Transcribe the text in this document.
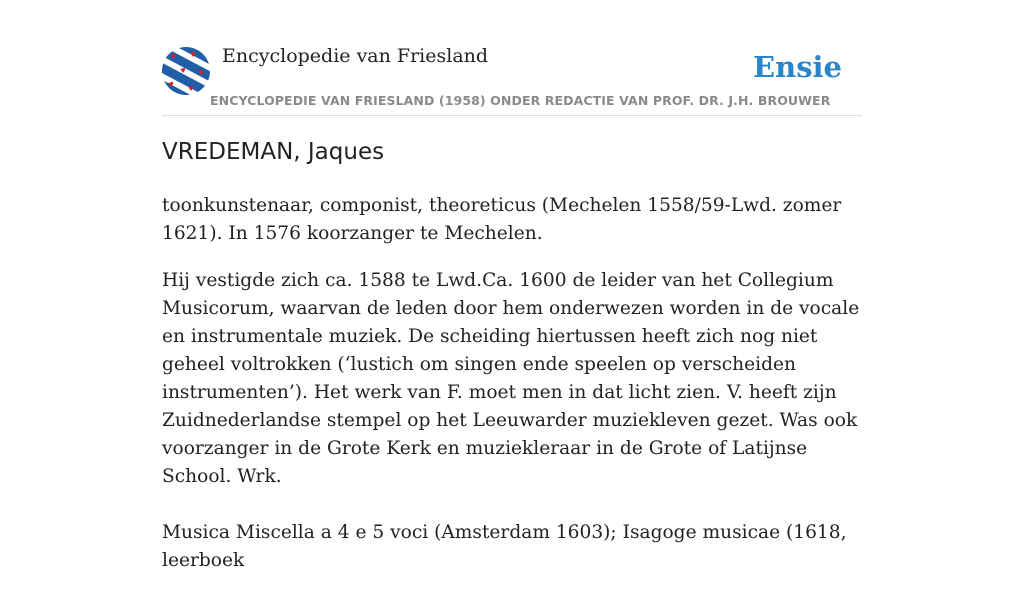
Encyclopedie van Friesland	Ensie
ENCYCLOPEDIE VAN FRIESLAND (1958) ONDER REDACTIE VAN PROF. DR. J.H. BROUWER
VREDEMAN, Jaques

toonkunstenaar, componist, theoreticus (Mechelen 1558/59-Lwd. zomer 1621). In 1576 koorzanger te Mechelen.

Hij vestigde zich ca. 1588 te Lwd.Ca. 1600 de leider van het Collegium Musicorum, waarvan de leden door hem onderwezen worden in de vocale en instrumentale muziek. De scheiding hiertussen heeft zich nog niet geheel voltrokken (‘lustich om singen ende speelen op verscheiden instrumenten’). Het werk van F. moet men in dat licht zien. V. heeft zijn Zuidnederlandse stempel op het Leeuwarder muziekleven gezet. Was ook voorzanger in de Grote Kerk en muziekleraar in de Grote of Latijnse School. Wrk.

Musica Miscella a 4 e 5 voci (Amsterdam 1603); Isagoge musicae (1618, leerboek
